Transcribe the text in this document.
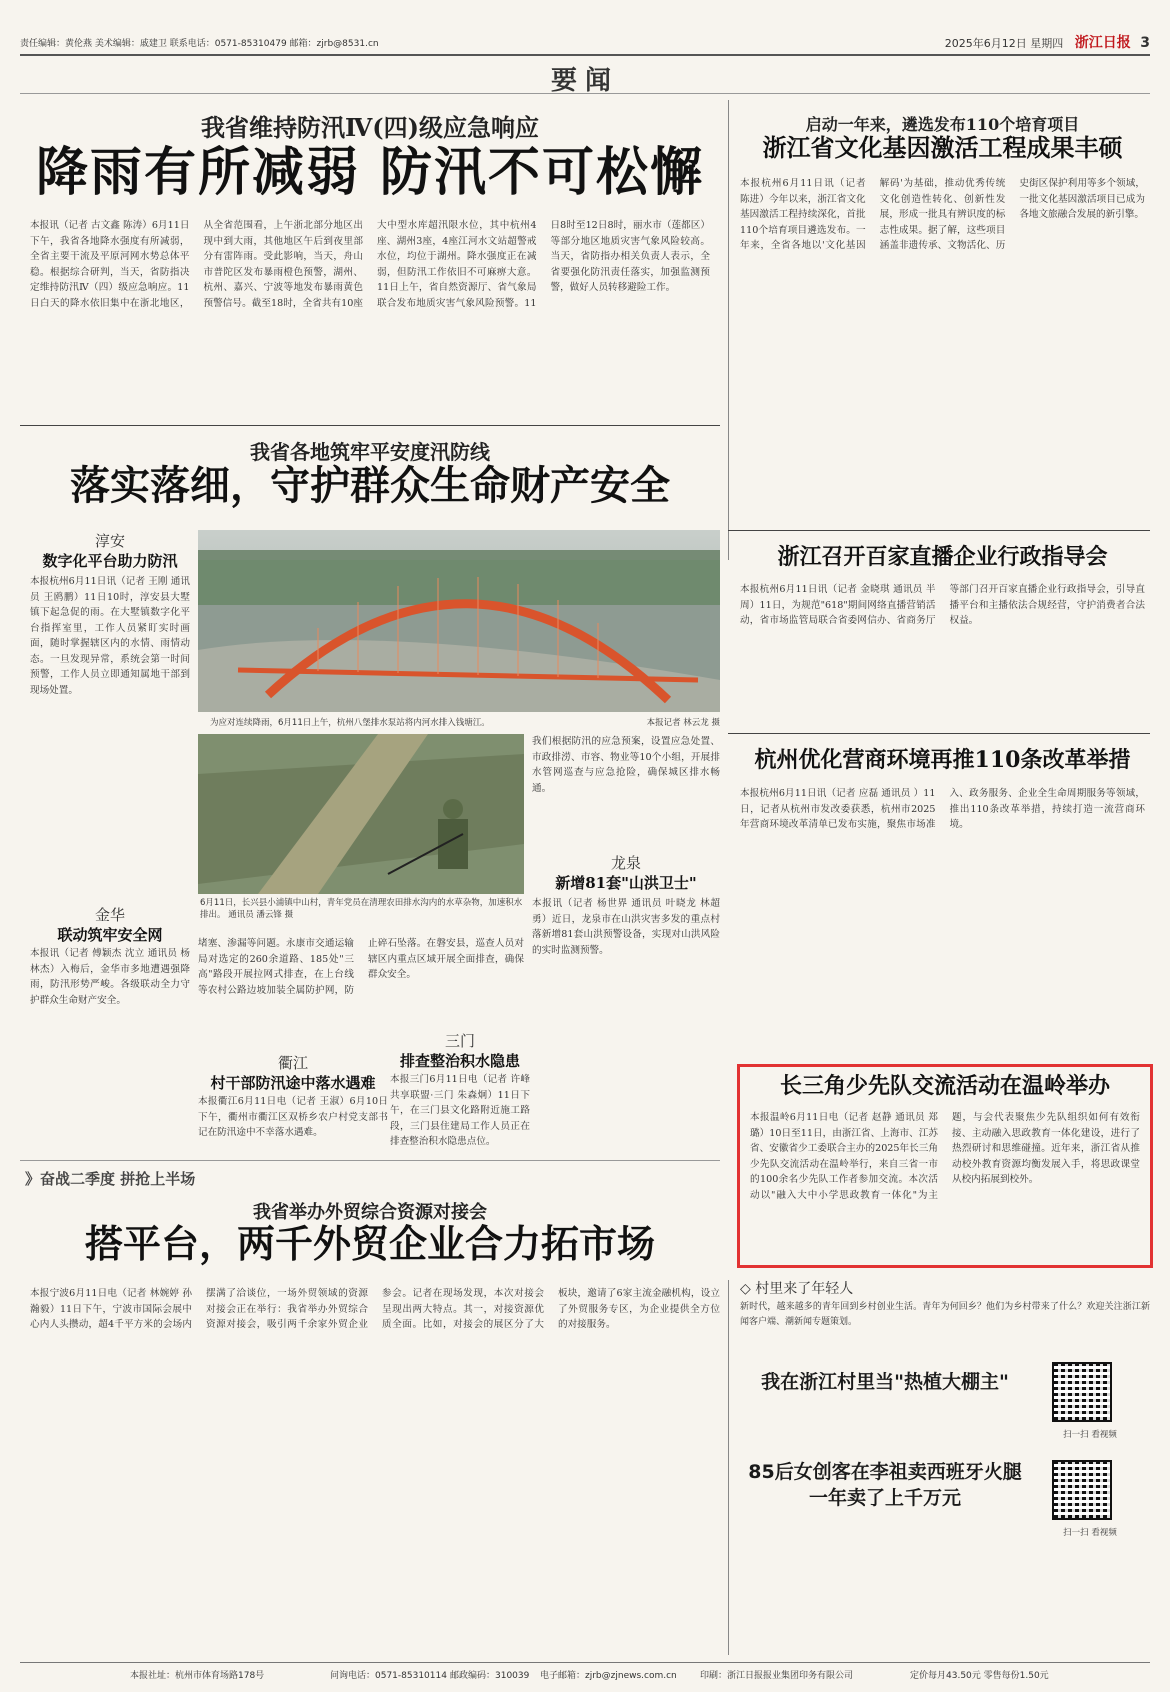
责任编辑：黄伦燕 美术编辑：戚建卫 联系电话：0571-85310479 邮箱：zjrb@8531.cn	2025年6月12日 星期四 浙江日报 3
要闻
我省维持防汛Ⅳ(四)级应急响应
降雨有所减弱 防汛不可松懈
本报讯（记者 古文鑫 陈涛）6月11日下午，我省各地降水强度有所减弱，全省主要干流及平原河网水势总体平稳。根据综合研判，当天，省防指决定维持防汛Ⅳ（四）级应急响应。11日白天的降水依旧集中在浙北地区，从全省范围看，上午浙北部分地区出现中到大雨，其他地区午后到夜里部分有雷阵雨。受此影响，当天，舟山市普陀区发布暴雨橙色预警，湖州、杭州、嘉兴、宁波等地发布暴雨黄色预警信号。截至18时，全省共有10座大中型水库超汛限水位，其中杭州4座、湖州3座，4座江河水文站超警戒水位，均位于湖州。降水强度正在减弱，但防汛工作依旧不可麻痹大意。11日上午，省自然资源厅、省气象局联合发布地质灾害气象风险预警。11日8时至12日8时，丽水市（莲都区）等部分地区地质灾害气象风险较高。当天，省防指办相关负责人表示，全省要强化防汛责任落实，加强监测预警，做好人员转移避险工作。
启动一年来，遴选发布110个培育项目
浙江省文化基因激活工程成果丰硕
本报杭州6月11日讯（记者 陈进）今年以来，浙江省文化基因激活工程持续深化，首批110个培育项目遴选发布。一年来，全省各地以'文化基因解码'为基础，推动优秀传统文化创造性转化、创新性发展，形成一批具有辨识度的标志性成果。据了解，这些项目涵盖非遗传承、文物活化、历史街区保护利用等多个领域，一批文化基因激活项目已成为各地文旅融合发展的新引擎。
我省各地筑牢平安度汛防线
落实落细，守护群众生命财产安全
淳安
数字化平台助力防汛
本报杭州6月11日讯（记者 王刚 通讯员 王鸥鹏）11日10时，淳安县大墅镇下起急促的雨。在大墅镇数字化平台指挥室里，工作人员紧盯实时画面，随时掌握辖区内的水情、雨情动态。一旦发现异常，系统会第一时间预警，工作人员立即通知属地干部到现场处置。
为应对连续降雨，6月11日上午，杭州八堡排水泵站将内河水排入钱塘江。	本报记者 林云龙 摄
6月11日，长兴县小浦镇中山村，青年党员在清理农田排水沟内的水草杂物，加速积水排出。 通讯员 潘云锋 摄
我们根据防汛的应急预案，设置应急处置、市政排涝、市容、物业等10个小组，开展排水管网巡查与应急抢险，确保城区排水畅通。
龙泉
新增81套"山洪卫士"
本报讯（记者 杨世界 通讯员 叶晓龙 林超勇）近日，龙泉市在山洪灾害多发的重点村落新增81套山洪预警设备，实现对山洪风险的实时监测预警。
金华
联动筑牢安全网
本报讯（记者 傅颖杰 沈立 通讯员 杨林杰）入梅后，金华市多地遭遇强降雨，防汛形势严峻。各级联动全力守护群众生命财产安全。
堵塞、渗漏等问题。永康市交通运输局对选定的260余道路、185处"三高"路段开展拉网式排查，在上台线等农村公路边坡加装全属防护网，防止碎石坠落。在磐安县，巡查人员对辖区内重点区域开展全面排查，确保群众安全。
衢江
村干部防汛途中落水遇难
本报衢江6月11日电（记者 王淑）6月10日下午，衢州市衢江区双桥乡农户村党支部书记在防汛途中不幸落水遇难。
三门
排查整治积水隐患
本报三门6月11日电（记者 许峰 共享联盟·三门 朱森炯）11日下午，在三门县文化路附近施工路段，三门县住建局工作人员正在排查整治积水隐患点位。
浙江召开百家直播企业行政指导会
本报杭州6月11日讯（记者 金晓琪 通讯员 半周）11日，为规范"618"期间网络直播营销活动，省市场监管局联合省委网信办、省商务厅等部门召开百家直播企业行政指导会，引导直播平台和主播依法合规经营，守护消费者合法权益。
杭州优化营商环境再推110条改革举措
本报杭州6月11日讯（记者 应磊 通讯员 ）11日，记者从杭州市发改委获悉，杭州市2025年营商环境改革清单已发布实施，聚焦市场准入、政务服务、企业全生命周期服务等领域，推出110条改革举措，持续打造一流营商环境。
长三角少先队交流活动在温岭举办
本报温岭6月11日电（记者 赵静 通讯员 郑璐）10日至11日，由浙江省、上海市、江苏省、安徽省少工委联合主办的2025年长三角少先队交流活动在温岭举行，来自三省一市的100余名少先队工作者参加交流。本次活动以"融入大中小学思政教育一体化"为主题，与会代表聚焦少先队组织如何有效衔接、主动融入思政教育一体化建设，进行了热烈研讨和思维碰撞。近年来，浙江省从推动校外教育资源均衡发展入手，将思政课堂从校内拓展到校外。
◇ 村里来了年轻人
新时代，越来越多的青年回到乡村创业生活。青年为何回乡？他们为乡村带来了什么？欢迎关注浙江新闻客户端、潮新闻专题策划。
我在浙江村里当"热植大棚主"
扫一扫 看视频
85后女创客在李祖卖西班牙火腿一年卖了上千万元
扫一扫 看视频
》奋战二季度 拼抢上半场
我省举办外贸综合资源对接会
搭平台，两千外贸企业合力拓市场
本报宁波6月11日电（记者 林婉婷 孙瀚毅）11日下午，宁波市国际会展中心内人头攒动，超4千平方米的会场内摆满了洽谈位，一场外贸领域的资源对接会正在举行：我省举办外贸综合资源对接会，吸引两千余家外贸企业参会。记者在现场发现，本次对接会呈现出两大特点。其一，对接资源优质全面。比如，对接会的展区分了大板块，邀请了6家主流金融机构，设立了外贸服务专区，为企业提供全方位的对接服务。
本报社址：杭州市体育场路178号	问询电话：0571-85310114 邮政编码：310039 电子邮箱：zjrb@zjnews.com.cn	印刷：浙江日报报业集团印务有限公司	定价每月43.50元 零售每份1.50元
